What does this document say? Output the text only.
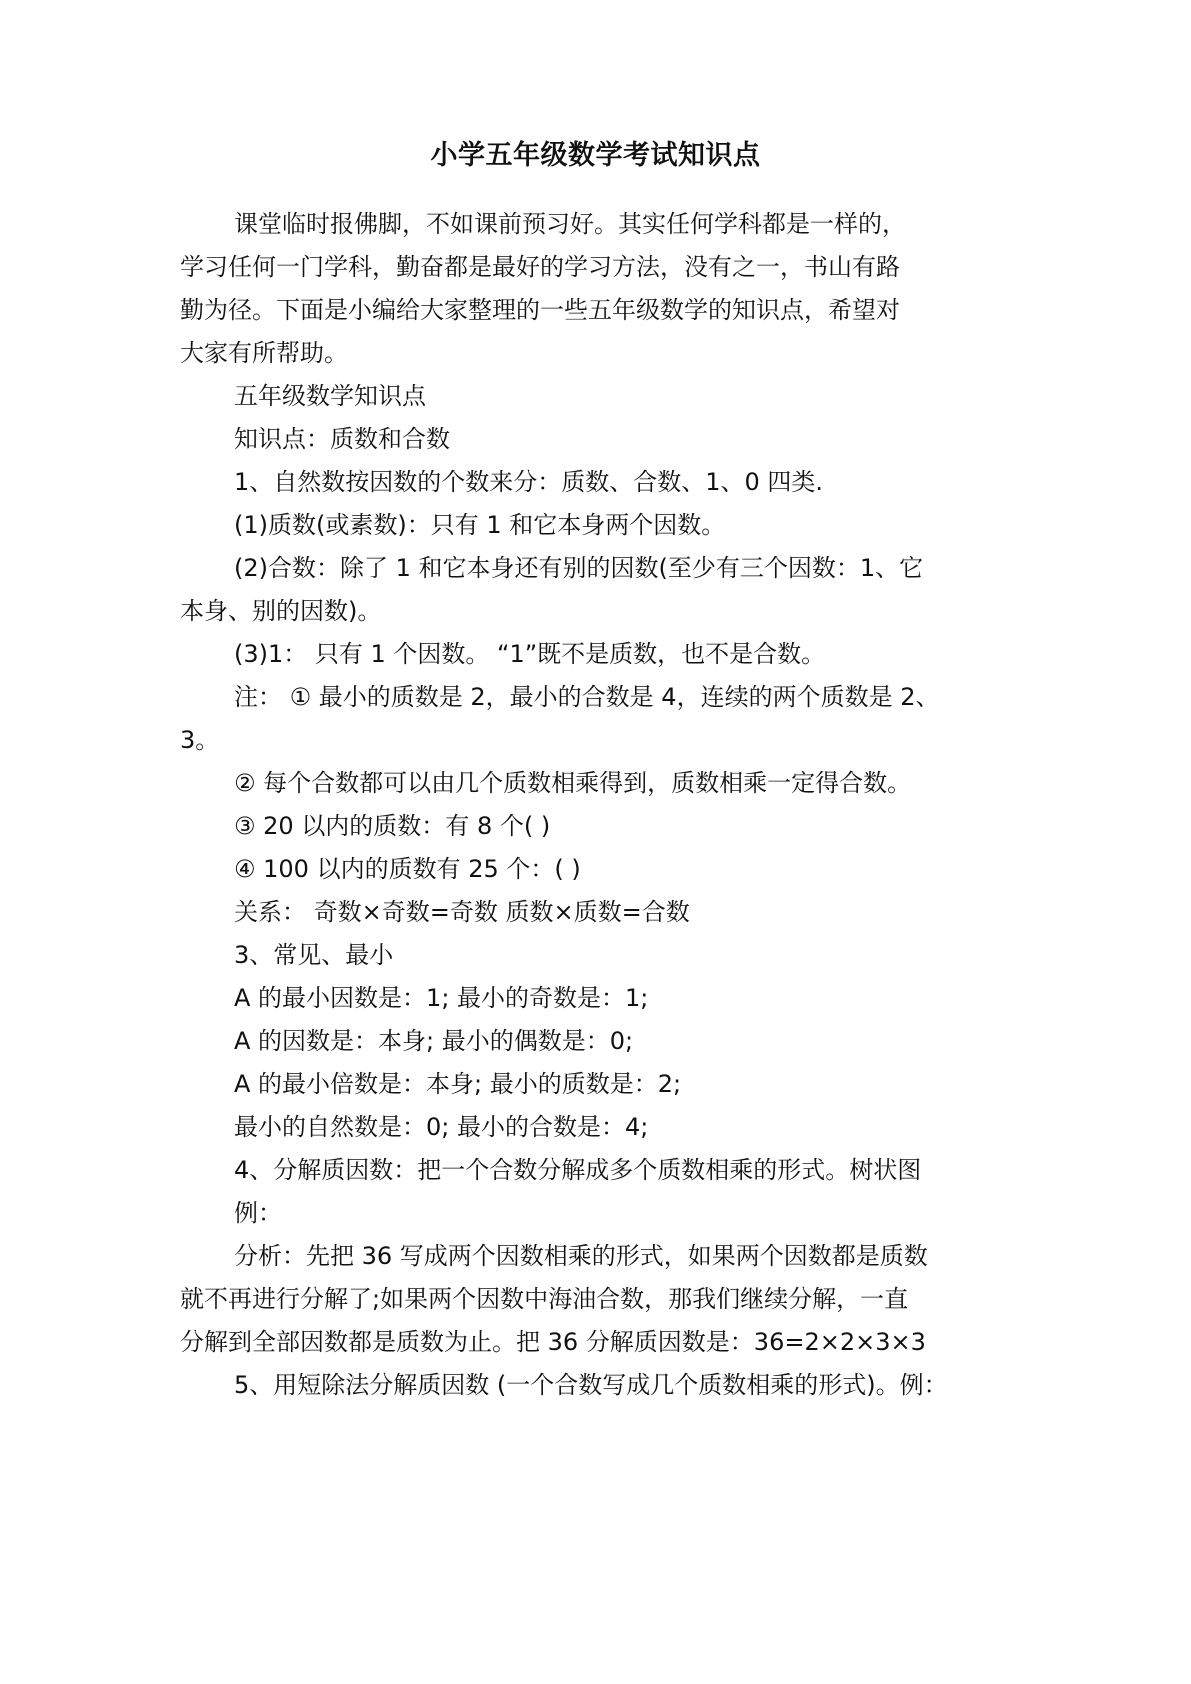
小学五年级数学考试知识点
课堂临时报佛脚，不如课前预习好。其实任何学科都是一样的，
学习任何一门学科，勤奋都是最好的学习方法，没有之一，书山有路
勤为径。下面是小编给大家整理的一些五年级数学的知识点，希望对
大家有所帮助。
五年级数学知识点
知识点：质数和合数
1、自然数按因数的个数来分：质数、合数、1、0 四类.
(1)质数(或素数)：只有 1 和它本身两个因数。
(2)合数：除了 1 和它本身还有别的因数(至少有三个因数：1、它
本身、别的因数)。
(3)1： 只有 1 个因数。 “1”既不是质数，也不是合数。
注： ① 最小的质数是 2，最小的合数是 4，连续的两个质数是 2、
3。
② 每个合数都可以由几个质数相乘得到，质数相乘一定得合数。
③ 20 以内的质数：有 8 个( )
④ 100 以内的质数有 25 个：( )
关系： 奇数×奇数=奇数 质数×质数=合数
3、常见、最小
A 的最小因数是：1; 最小的奇数是：1;
A 的因数是：本身; 最小的偶数是：0;
A 的最小倍数是：本身; 最小的质数是：2;
最小的自然数是：0; 最小的合数是：4;
4、分解质因数：把一个合数分解成多个质数相乘的形式。树状图
例：
分析：先把 36 写成两个因数相乘的形式，如果两个因数都是质数
就不再进行分解了;如果两个因数中海油合数，那我们继续分解，一直
分解到全部因数都是质数为止。把 36 分解质因数是：36=2×2×3×3
5、用短除法分解质因数 (一个合数写成几个质数相乘的形式)。例：
